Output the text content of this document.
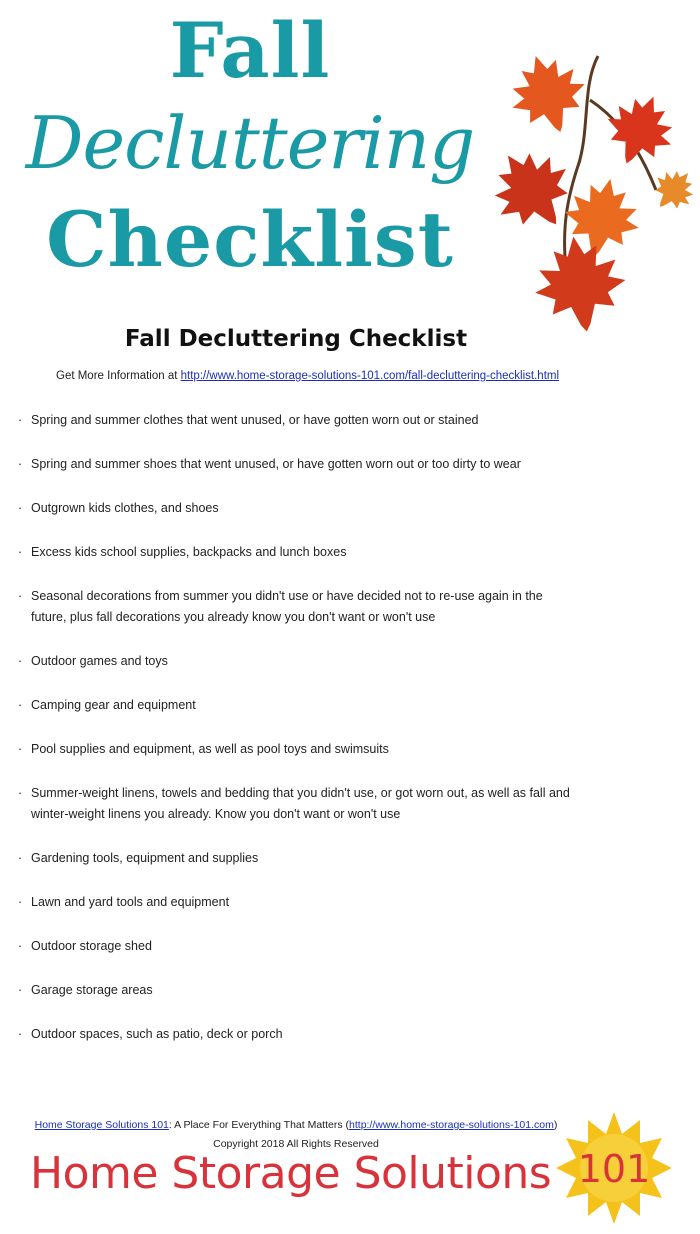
Fall
Decluttering
Checklist
Fall Decluttering Checklist
Get More Information at http://www.home-storage-solutions-101.com/fall-decluttering-checklist.html
· Spring and summer clothes that went unused, or have gotten worn out or stained
· Spring and summer shoes that went unused, or have gotten worn out or too dirty to wear
· Outgrown kids clothes, and shoes
· Excess kids school supplies, backpacks and lunch boxes
· Seasonal decorations from summer you didn't use or have decided not to re-use again in the future, plus fall decorations you already know you don't want or won't use
· Outdoor games and toys
· Camping gear and equipment
· Pool supplies and equipment, as well as pool toys and swimsuits
· Summer-weight linens, towels and bedding that you didn't use, or got worn out, as well as fall and winter-weight linens you already. Know you don't want or won't use
· Gardening tools, equipment and supplies
· Lawn and yard tools and equipment
· Outdoor storage shed
· Garage storage areas
· Outdoor spaces, such as patio, deck or porch
Home Storage Solutions 101: A Place For Everything That Matters (http://www.home-storage-solutions-101.com)
Copyright 2018 All Rights Reserved
Home Storage Solutions 101
